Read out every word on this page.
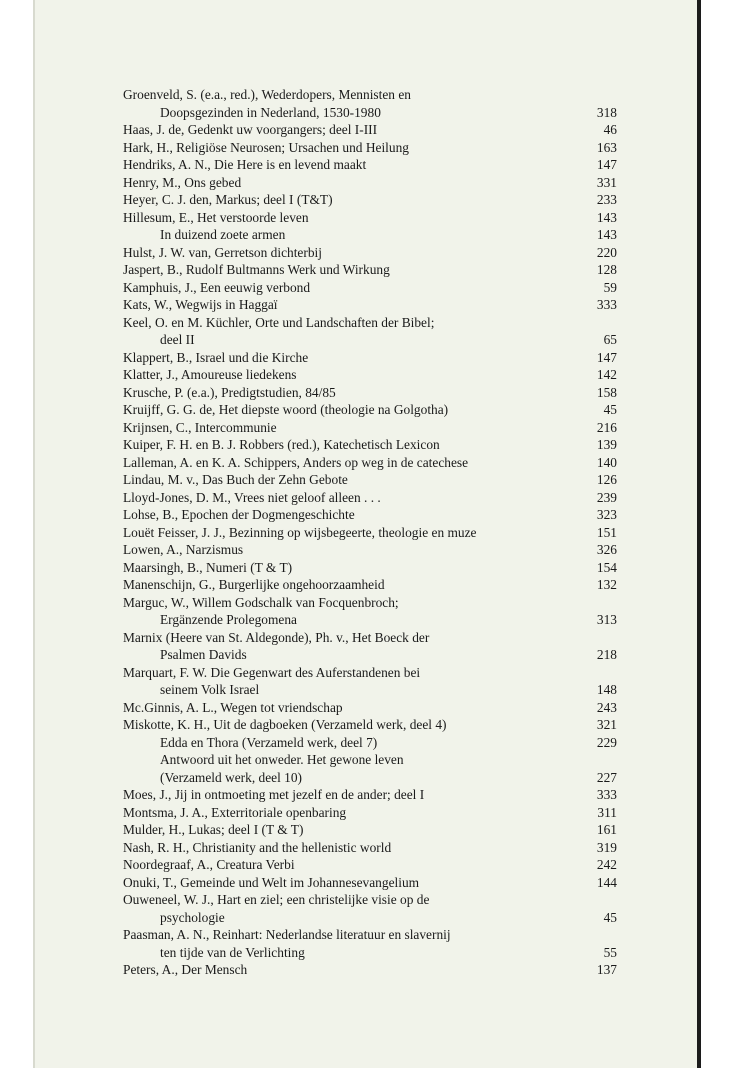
Groenveld, S. (e.a., red.), Wederdopers, Mennisten en
Doopsgezinden in Nederland, 1530-1980	318
Haas, J. de, Gedenkt uw voorgangers; deel I-III	46
Hark, H., Religiöse Neurosen; Ursachen und Heilung	163
Hendriks, A. N., Die Here is en levend maakt	147
Henry, M., Ons gebed	331
Heyer, C. J. den, Markus; deel I (T&T)	233
Hillesum, E., Het verstoorde leven	143
In duizend zoete armen	143
Hulst, J. W. van, Gerretson dichterbij	220
Jaspert, B., Rudolf Bultmanns Werk und Wirkung	128
Kamphuis, J., Een eeuwig verbond	59
Kats, W., Wegwijs in Haggaï	333
Keel, O. en M. Küchler, Orte und Landschaften der Bibel;
deel II	65
Klappert, B., Israel und die Kirche	147
Klatter, J., Amoureuse liedekens	142
Krusche, P. (e.a.), Predigtstudien, 84/85	158
Kruijff, G. G. de, Het diepste woord (theologie na Golgotha)	45
Krijnsen, C., Intercommunie	216
Kuiper, F. H. en B. J. Robbers (red.), Katechetisch Lexicon	139
Lalleman, A. en K. A. Schippers, Anders op weg in de catechese	140
Lindau, M. v., Das Buch der Zehn Gebote	126
Lloyd-Jones, D. M., Vrees niet geloof alleen . . .	239
Lohse, B., Epochen der Dogmengeschichte	323
Louët Feisser, J. J., Bezinning op wijsbegeerte, theologie en muze	151
Lowen, A., Narzismus	326
Maarsingh, B., Numeri (T & T)	154
Manenschijn, G., Burgerlijke ongehoorzaamheid	132
Marguc, W., Willem Godschalk van Focquenbroch;
Ergänzende Prolegomena	313
Marnix (Heere van St. Aldegonde), Ph. v., Het Boeck der
Psalmen Davids	218
Marquart, F. W. Die Gegenwart des Auferstandenen bei
seinem Volk Israel	148
Mc.Ginnis, A. L., Wegen tot vriendschap	243
Miskotte, K. H., Uit de dagboeken (Verzameld werk, deel 4)	321
Edda en Thora (Verzameld werk, deel 7)	229
Antwoord uit het onweder. Het gewone leven
(Verzameld werk, deel 10)	227
Moes, J., Jij in ontmoeting met jezelf en de ander; deel I	333
Montsma, J. A., Exterritoriale openbaring	311
Mulder, H., Lukas; deel I (T & T)	161
Nash, R. H., Christianity and the hellenistic world	319
Noordegraaf, A., Creatura Verbi	242
Onuki, T., Gemeinde und Welt im Johannesevangelium	144
Ouweneel, W. J., Hart en ziel; een christelijke visie op de
psychologie	45
Paasman, A. N., Reinhart: Nederlandse literatuur en slavernij
ten tijde van de Verlichting	55
Peters, A., Der Mensch	137
